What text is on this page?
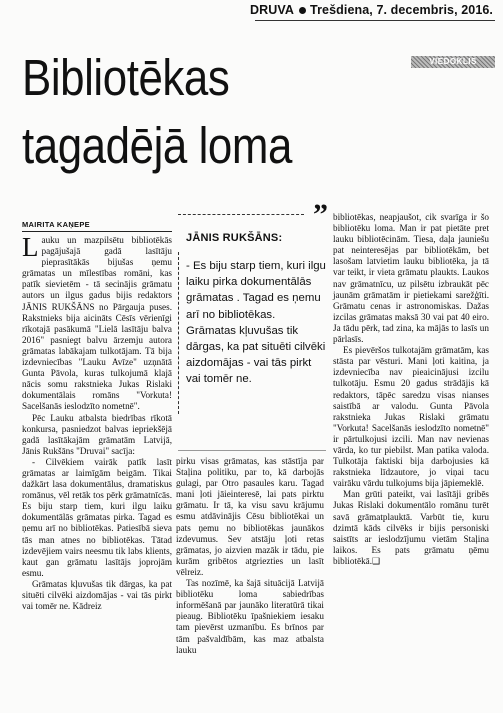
DRUVA Trešdiena, 7. decembris, 2016.
VIEDOKLIS
Bibliotēkas
tagadējā loma
MAIRITA KAŅEPE

Lauku un mazpilsētu bibliotēkās pagājušajā gadā lasītāju pieprasītākās bijušas ņemu grāmatas un mīlestības romāni, kas patīk sievietēm - tā secinājis grāmatu autors un ilgus gadus bijis redaktors JĀNIS RUKŠĀNS no Pārgauja puses. Rakstnieks bija aicināts Cēsīs vērienīgi rīkotajā pasākumā "Lielā lasītāju balva 2016" pasniegt balvu ārzemju autora grāmatas labākajam tulkotājam. Tā bija izdevniecības "Lauku Avīze" uzņnātā Gunta Pāvola, kuras tulkojumā klajā nācis somu rakstnieka Jukas Rislaki dokumentālais romāns "Vorkuta! Sacelšanās ieslodzīto nometnē".

Pēc Lauku atbalsta biedrības rīkotā konkursa, pasniedzot balvas iepriekšējā gadā lasītākajām grāmatām Latvijā, Jānis Rukšāns "Druvai" sacīja:

- Cilvēkiem vairāk patīk lasīt grāmatas ar laimīgām beigām. Tikai dažkārt lasa dokumentālus, dramatiskus romānus, vēl retāk tos pērk grāmatnīcās. Es biju starp tiem, kuri ilgu laiku dokumentālās grāmatas pirka. Tagad es ņemu arī no bibliotēkas. Patiesībā sieva tās man atnes no bibliotēkas. Tātad izdevējiem vairs neesmu tik labs klients, kaut gan grāmatu lasītājs joprojām esmu.

Grāmatas kļuvušas tik dārgas, ka pat situēti cilvēki aizdomājas - vai tās pirkt vai tomēr ne. Kādreiz

”
JĀNIS RUKŠĀNS:
- Es biju starp tiem, kuri ilgu laiku pirka dokumentālās grāmatas . Tagad es ņemu arī no bibliotēkas. Grāmatas kļuvušas tik dārgas, ka pat situēti cilvēki aizdomājas - vai tās pirkt vai tomēr ne.

pirku visas grāmatas, kas stāstīja par Staļina politiku, par to, kā darbojās gulagi, par Otro pasaules karu. Tagad mani ļoti jāieinteresē, lai pats pirktu grāmatu. Ir tā, ka visu savu krājumu esmu atdāvinājis Cēsu bibliotēkai un pats ņemu no bibliotēkas jaunākos izdevumus. Sev atstāju ļoti retas grāmatas, jo aizvien mazāk ir tādu, pie kurām gribētos atgriezties un lasīt vēlreiz.

Tas nozīmē, ka šajā situācijā Latvijā bibliotēku loma sabiedrības informēšanā par jaunāko literatūrā tikai pieaug. Bibliotēku īpašniekiem iesaku tam pievērst uzmanību. Es brīnos par tām pašvaldībām, kas maz atbalsta lauku

bibliotēkas, neapjaušot, cik svarīga ir šo bibliotēku loma. Man ir pat pietāte pret lauku bibliotēcinām. Tiesa, daļa jauniešu pat neinteresējas par bibliotēkām, bet lasošam latvietim lauku bibliotēka, ja tā var teikt, ir vieta grāmatu plaukts. Laukos nav grāmatnīcu, uz pilsētu izbraukāt pēc jaunām grāmatām ir pietiekami sarežģīti. Grāmatu cenas ir astronomiskas. Dažas izcilas grāmatas maksā 30 vai pat 40 eiro. Ja tādu pērk, tad zina, ka mājās to lasīs un pārlasīs.

Es pievēršos tulkotajām grāmatām, kas stāsta par vēsturi. Mani ļoti kaitina, ja izdevniecība nav pieaicinājusi izcilu tulkotāju. Esmu 20 gadus strādājis kā redaktors, tāpēc saredzu visas nianses saistībā ar valodu. Gunta Pāvola rakstnieka Jukas Rislaki grāmatu "Vorkuta! Sacelšanās ieslodzīto nometnē" ir pārtulkojusi izcili. Man nav nevienas vārda, ko tur piebilst. Man patika valoda. Tulkotāja faktiski bija darbojusies kā rakstnieka līdzautore, jo viņai tacu vairāku vārdu tulkojums bija jāpiemeklē.

Man grūti pateikt, vai lasītāji gribēs Jukas Rislaki dokumentālo romānu turēt savā grāmatplauktā. Varbūt tie, kuru dzimtā kāds cilvēks ir bijis personiski saistīts ar ieslodzījumu vietām Staļina laikos. Es pats grāmatu ņēmu bibliotēkā.❑
